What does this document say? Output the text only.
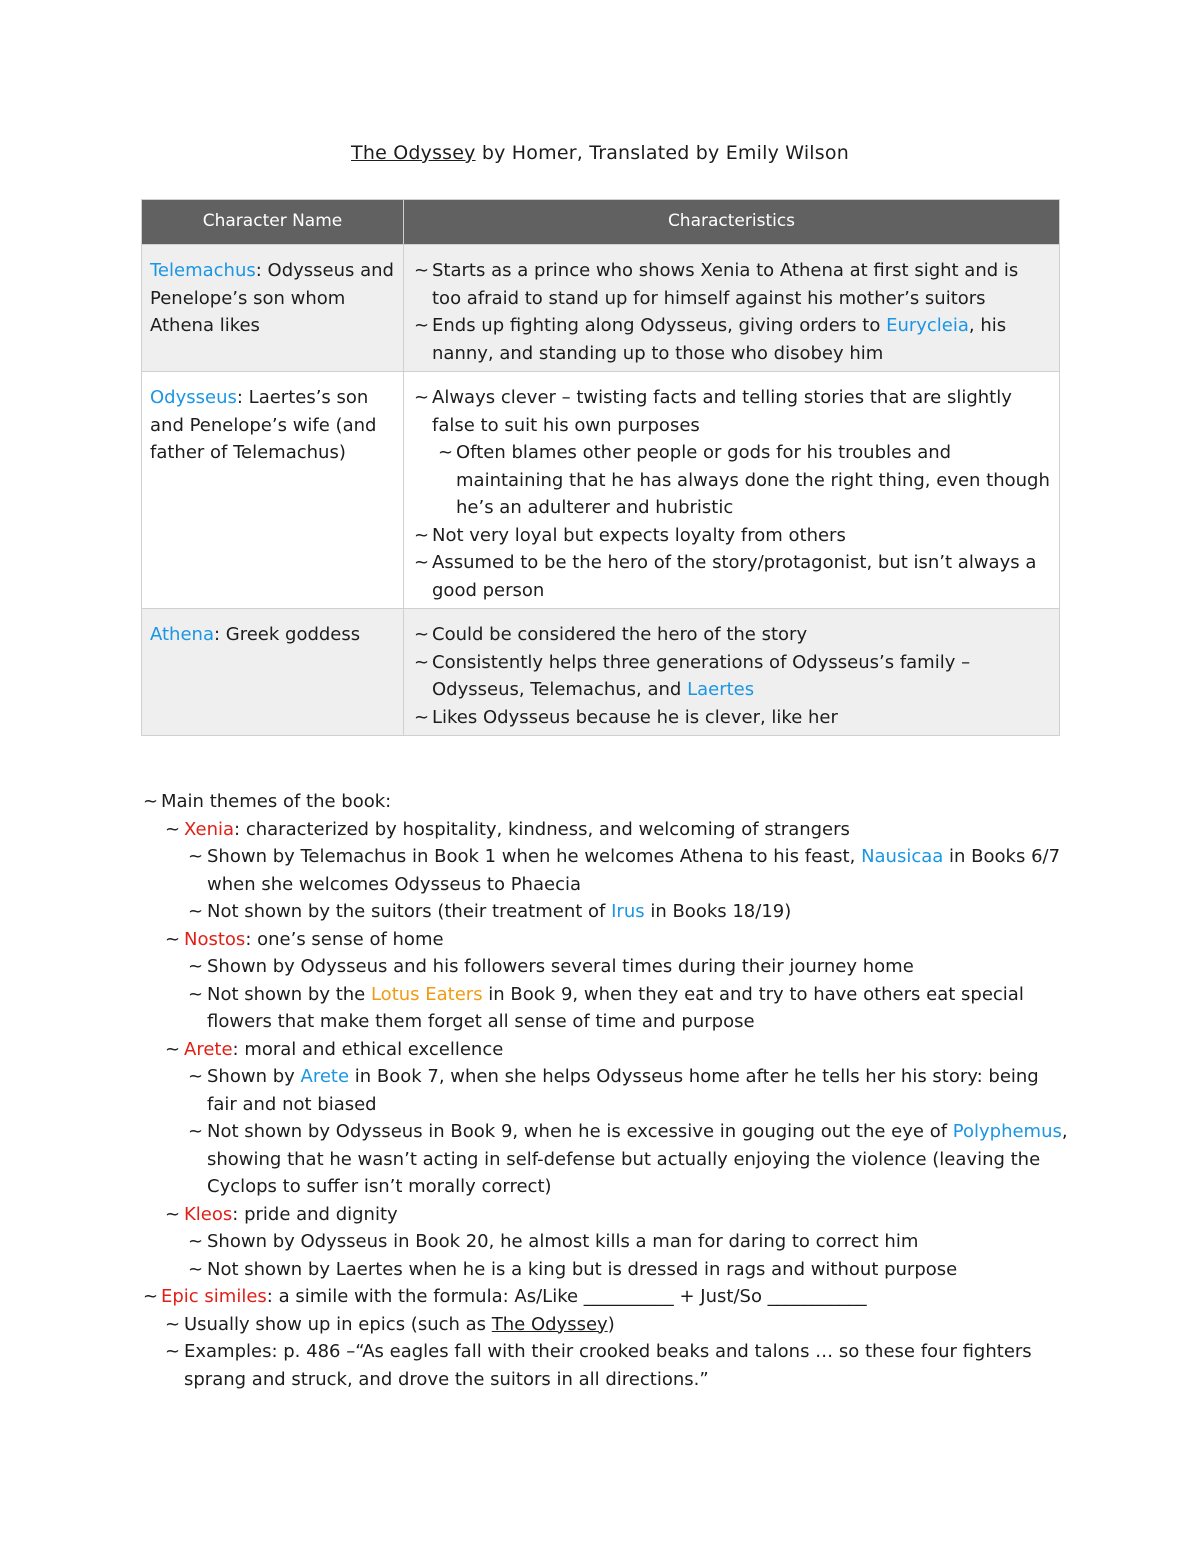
The Odyssey by Homer, Translated by Emily Wilson
Character Name	Characteristics
Telemachus: Odysseus and Penelope’s son whom Athena likes	~ Starts as a prince who shows Xenia to Athena at first sight and is too afraid to stand up for himself against his mother’s suitors
~ Ends up fighting along Odysseus, giving orders to Eurycleia, his nanny, and standing up to those who disobey him

Odysseus: Laertes’s son and Penelope’s wife (and father of Telemachus)	~ Always clever – twisting facts and telling stories that are slightly false to suit his own purposes
~ Often blames other people or gods for his troubles and maintaining that he has always done the right thing, even though he’s an adulterer and hubristic
~ Not very loyal but expects loyalty from others
~ Assumed to be the hero of the story/protagonist, but isn’t always a good person

Athena: Greek goddess	~ Could be considered the hero of the story
~ Consistently helps three generations of Odysseus’s family – Odysseus, Telemachus, and Laertes
~ Likes Odysseus because he is clever, like her
~ Main themes of the book:
~ Xenia: characterized by hospitality, kindness, and welcoming of strangers
~ Shown by Telemachus in Book 1 when he welcomes Athena to his feast, Nausicaa in Books 6/7 when she welcomes Odysseus to Phaecia
~ Not shown by the suitors (their treatment of Irus in Books 18/19)
~ Nostos: one’s sense of home
~ Shown by Odysseus and his followers several times during their journey home
~ Not shown by the Lotus Eaters in Book 9, when they eat and try to have others eat special flowers that make them forget all sense of time and purpose
~ Arete: moral and ethical excellence
~ Shown by Arete in Book 7, when she helps Odysseus home after he tells her his story: being fair and not biased
~ Not shown by Odysseus in Book 9, when he is excessive in gouging out the eye of Polyphemus, showing that he wasn’t acting in self-defense but actually enjoying the violence (leaving the Cyclops to suffer isn’t morally correct)
~ Kleos: pride and dignity
~ Shown by Odysseus in Book 20, he almost kills a man for daring to correct him
~ Not shown by Laertes when he is a king but is dressed in rags and without purpose
~ Epic similes: a simile with the formula: As/Like __________ + Just/So ___________
~ Usually show up in epics (such as The Odyssey)
~ Examples: p. 486 –“As eagles fall with their crooked beaks and talons … so these four fighters sprang and struck, and drove the suitors in all directions.”
